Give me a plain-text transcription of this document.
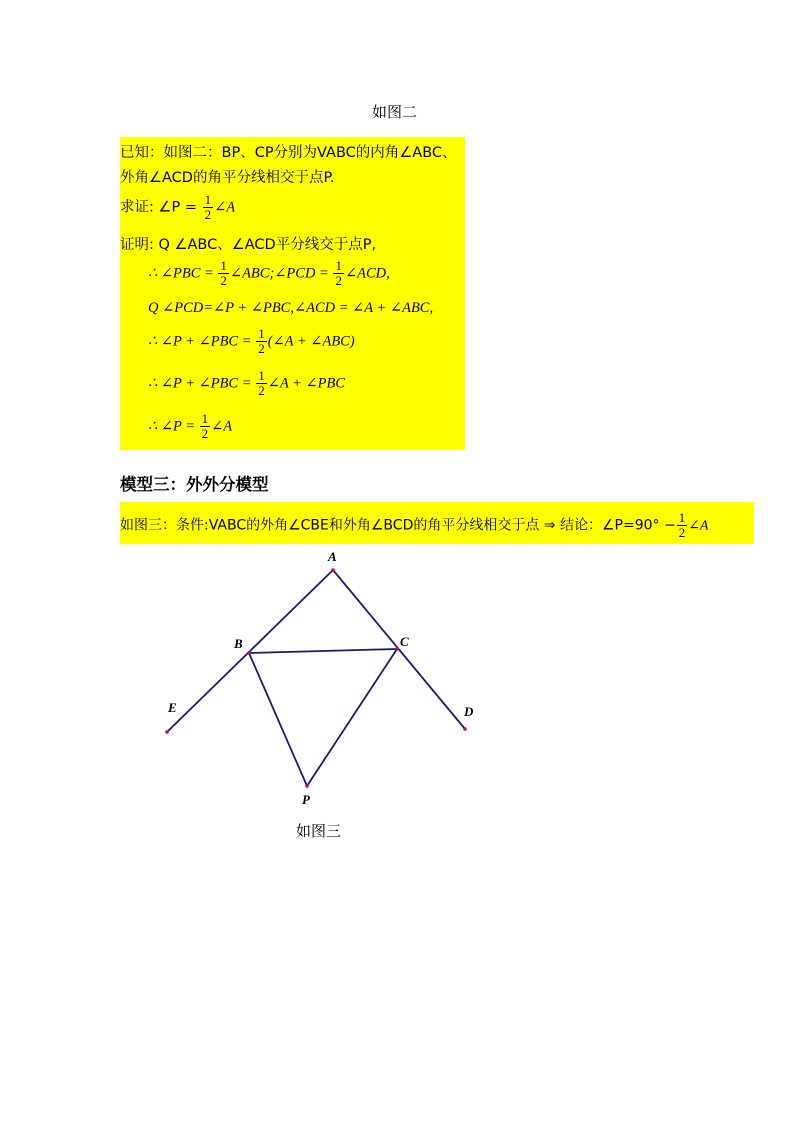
如图二
已知：如图二：BP、CP分别为VABC的内角∠ABC、
外角∠ACD的角平分线相交于点P.
求证: ∠P = $\frac{1}{2}$ ∠A
证明: Q ∠ABC、∠ACD平分线交于点P,
∴ ∠PBC = $\frac{1}{2}$ ∠ABC;∠PCD = $\frac{1}{2}$ ∠ACD,
Q ∠PCD=∠P + ∠PBC,∠ACD = ∠A + ∠ABC,
∴ ∠P + ∠PBC = $\frac{1}{2}$ (∠A + ∠ABC)
∴ ∠P + ∠PBC = $\frac{1}{2}$ ∠A + ∠PBC
∴ ∠P = $\frac{1}{2}$ ∠A
模型三：外外分模型
如图三：条件:VABC的外角∠CBE和外角∠BCD的角平分线相交于点 ⇒ 结论：∠P=90° − $\frac{1}{2}$ ∠A
A
B	C
E	D
P
如图三
